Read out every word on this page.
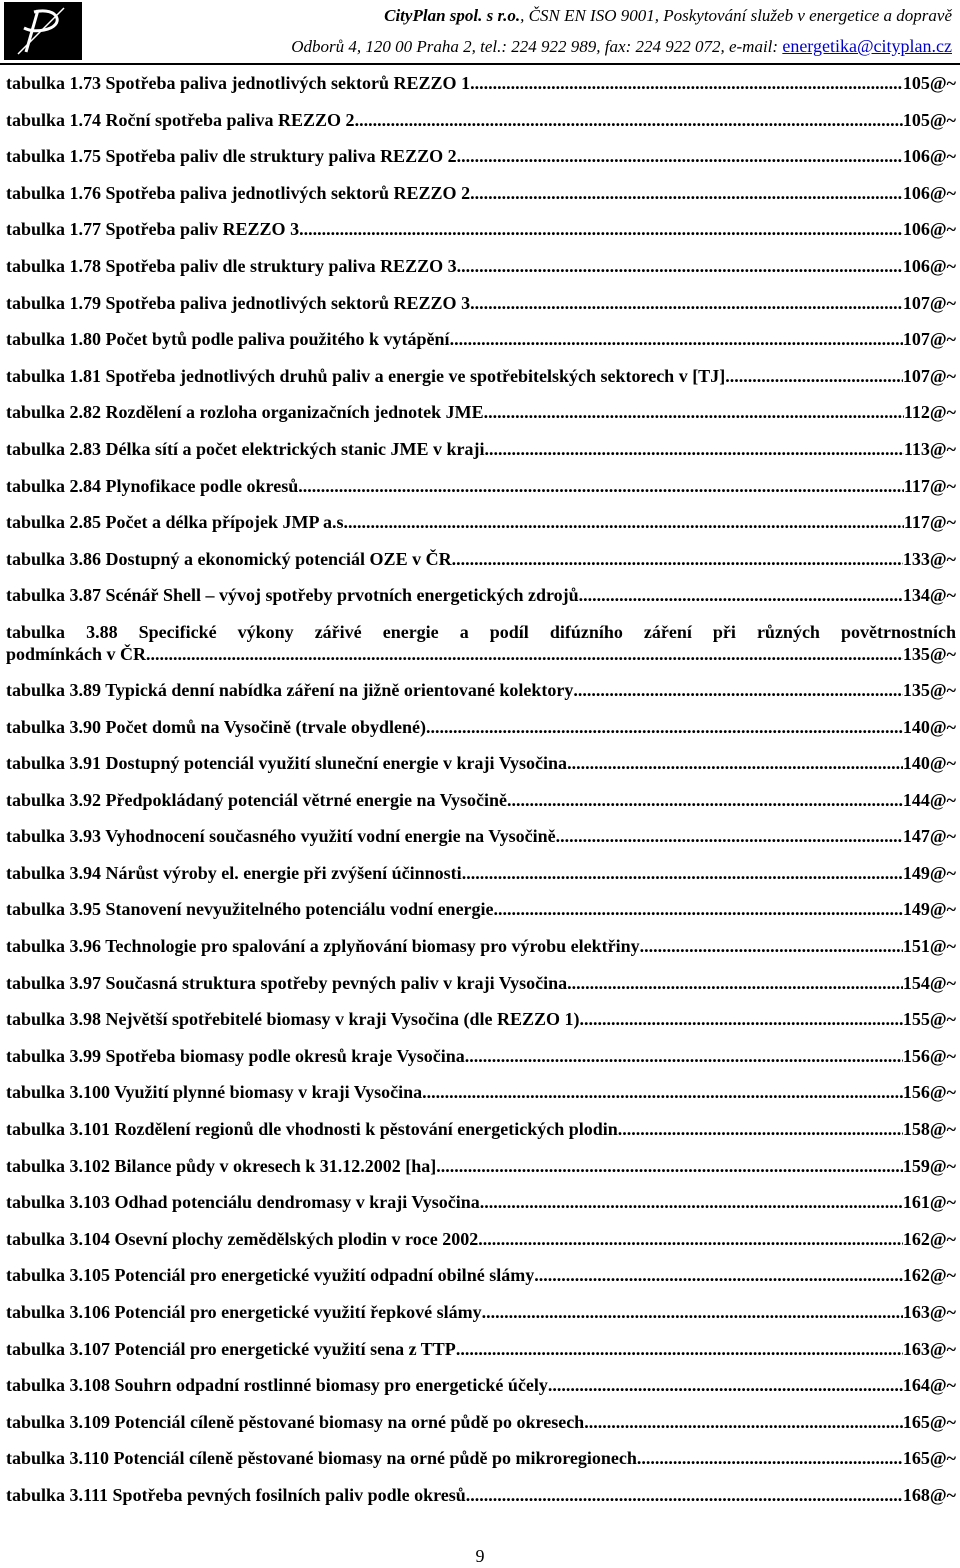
CityPlan spol. s r.o., ČSN EN ISO 9001, Poskytování služeb v energetice a dopravě
Odborů 4, 120 00 Praha 2, tel.: 224 922 989, fax: 224 922 072, e-mail: energetika@cityplan.cz
tabulka 1.73 Spotřeba paliva jednotlivých sektorů REZZO 1 .....	105@~
tabulka 1.74 Roční spotřeba paliva REZZO 2 .....	105@~
tabulka 1.75 Spotřeba paliv dle struktury paliva REZZO 2 .....	106@~
tabulka 1.76 Spotřeba paliva jednotlivých sektorů REZZO 2 .....	106@~
tabulka 1.77 Spotřeba paliv REZZO 3 .....	106@~
tabulka 1.78 Spotřeba paliv dle struktury paliva REZZO 3 .....	106@~
tabulka 1.79 Spotřeba paliva jednotlivých sektorů REZZO 3 .....	107@~
tabulka 1.80 Počet bytů podle paliva použitého k vytápění .....	107@~
tabulka 1.81 Spotřeba jednotlivých druhů paliv a energie ve spotřebitelských sektorech v [TJ] .....	107@~
tabulka 2.82 Rozdělení a rozloha organizačních jednotek JME .....	112@~
tabulka 2.83 Délka sítí a počet elektrických stanic JME v kraji .....	113@~
tabulka 2.84 Plynofikace podle okresů .....	117@~
tabulka 2.85 Počet a délka přípojek JMP a.s. .....	117@~
tabulka 3.86 Dostupný a ekonomický potenciál OZE v ČR .....	133@~
tabulka 3.87 Scénář Shell – vývoj spotřeby prvotních energetických zdrojů .....	134@~
tabulka 3.88 Specifické výkony zářivé energie a podíl difúzního záření při různých povětrnostních
podmínkách v ČR .....	135@~
tabulka 3.89 Typická denní nabídka záření na jižně orientované kolektory .....	135@~
tabulka 3.90 Počet domů na Vysočině (trvale obydlené) .....	140@~
tabulka 3.91 Dostupný potenciál využití sluneční energie v kraji Vysočina .....	140@~
tabulka 3.92 Předpokládaný potenciál větrné energie na Vysočině .....	144@~
tabulka 3.93 Vyhodnocení současného využití vodní energie na Vysočině .....	147@~
tabulka 3.94 Nárůst výroby el. energie při zvýšení účinnosti .....	149@~
tabulka 3.95 Stanovení nevyužitelného potenciálu vodní energie .....	149@~
tabulka 3.96 Technologie pro spalování a zplyňování biomasy pro výrobu elektřiny .....	151@~
tabulka 3.97 Současná struktura spotřeby pevných paliv v kraji Vysočina .....	154@~
tabulka 3.98 Největší spotřebitelé biomasy v kraji Vysočina (dle REZZO 1) .....	155@~
tabulka 3.99 Spotřeba biomasy podle okresů kraje Vysočina .....	156@~
tabulka 3.100 Využití plynné biomasy v kraji Vysočina .....	156@~
tabulka 3.101 Rozdělení regionů dle vhodnosti k pěstování energetických plodin .....	158@~
tabulka 3.102 Bilance půdy v okresech k 31.12.2002 [ha] .....	159@~
tabulka 3.103 Odhad potenciálu dendromasy v kraji Vysočina .....	161@~
tabulka 3.104 Osevní plochy zemědělských plodin v roce 2002 .....	162@~
tabulka 3.105 Potenciál pro energetické využití odpadní obilné slámy .....	162@~
tabulka 3.106 Potenciál pro energetické využití řepkové slámy .....	163@~
tabulka 3.107 Potenciál pro energetické využití sena z TTP .....	163@~
tabulka 3.108 Souhrn odpadní rostlinné biomasy pro energetické účely .....	164@~
tabulka 3.109 Potenciál cíleně pěstované biomasy na orné půdě po okresech .....	165@~
tabulka 3.110 Potenciál cíleně pěstované biomasy na orné půdě po mikroregionech .....	165@~
tabulka 3.111 Spotřeba pevných fosilních paliv podle okresů .....	168@~
9
